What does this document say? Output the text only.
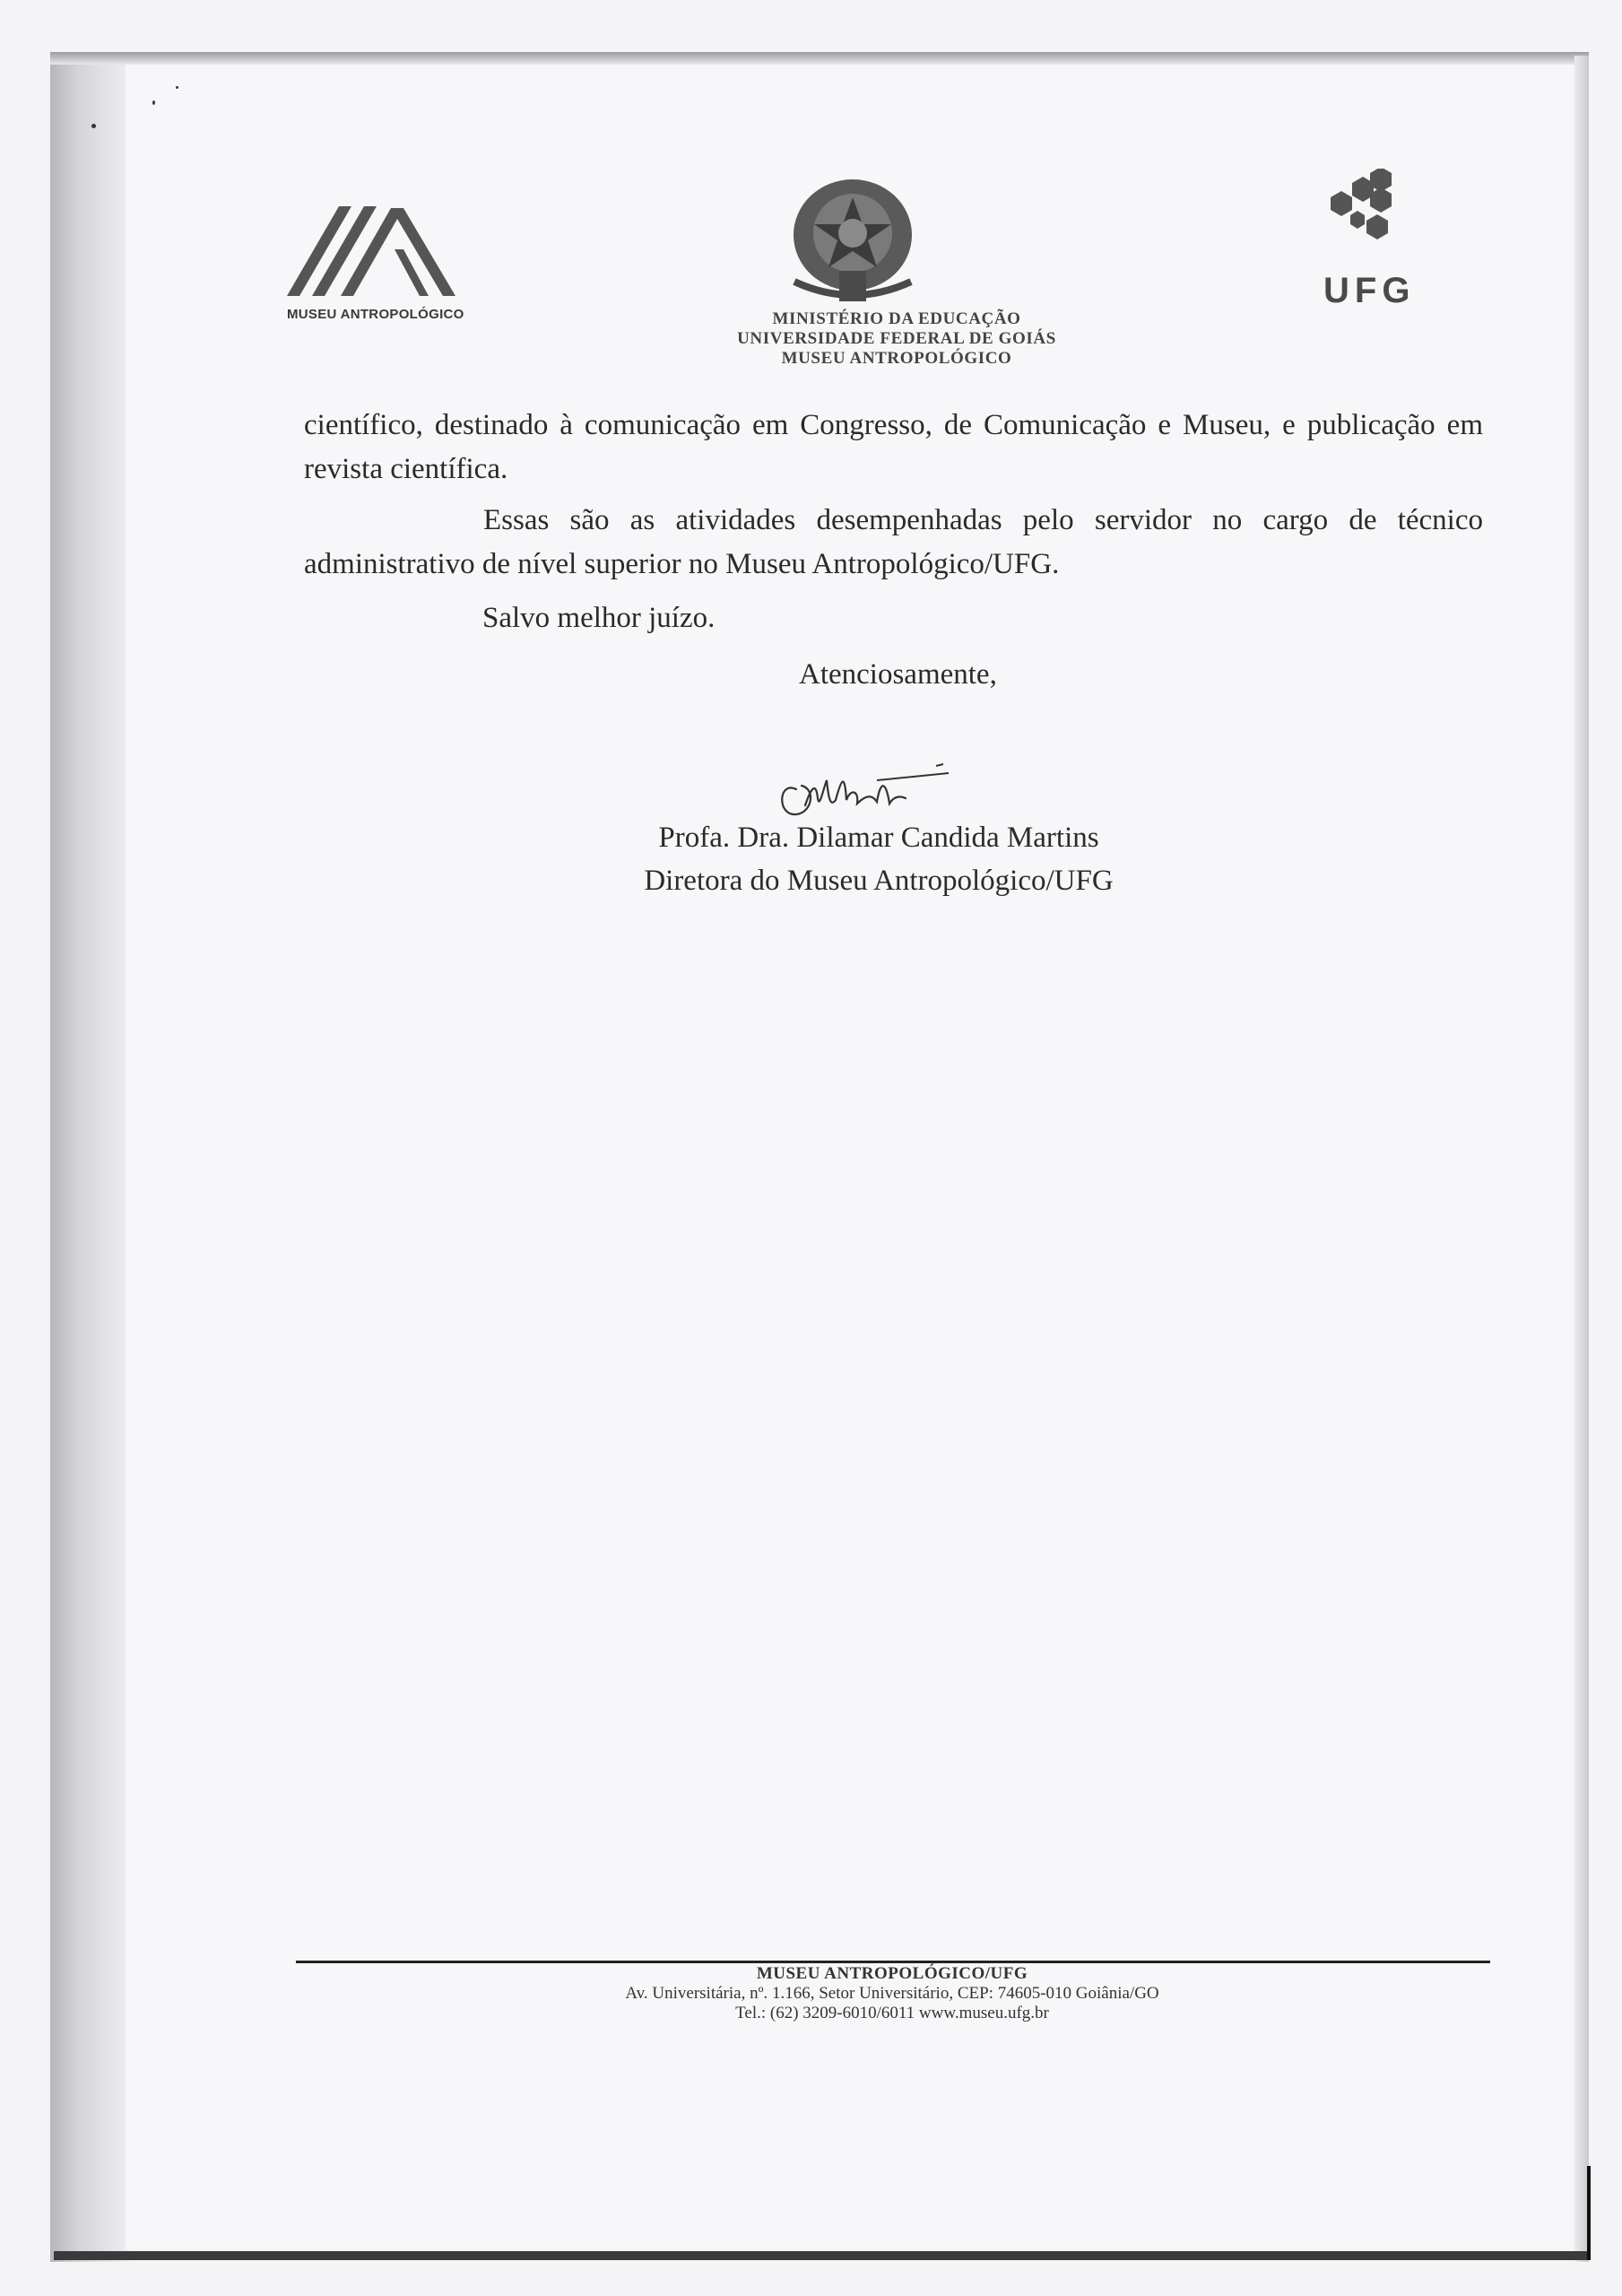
MUSEU ANTROPOLÓGICO
UFG
MINISTÉRIO DA EDUCAÇÃO
UNIVERSIDADE FEDERAL DE GOIÁS
MUSEU ANTROPOLÓGICO
científico, destinado à comunicação em Congresso, de Comunicação e Museu, e publicação em revista científica.
Essas são as atividades desempenhadas pelo servidor no cargo de técnico administrativo de nível superior no Museu Antropológico/UFG.
Salvo melhor juízo.
Atenciosamente,
Profa. Dra. Dilamar Candida Martins
Diretora do Museu Antropológico/UFG
MUSEU ANTROPOLÓGICO/UFG
Av. Universitária, nº. 1.166, Setor Universitário, CEP: 74605-010 Goiânia/GO
Tel.: (62) 3209-6010/6011 www.museu.ufg.br
